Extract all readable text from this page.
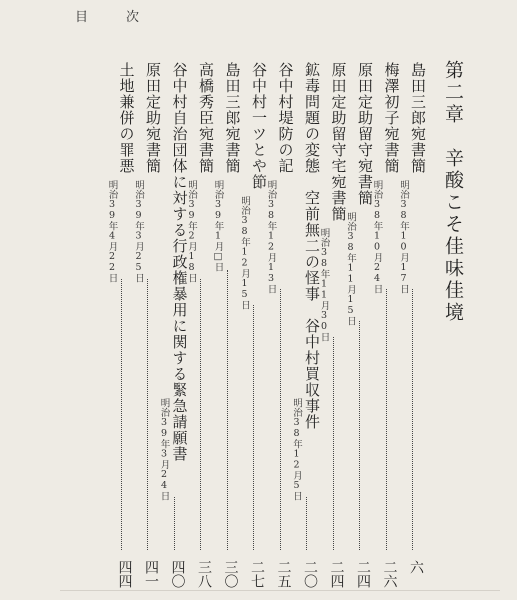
目次
第二章　辛酸こそ佳味佳境
島田三郎宛書簡
明治38年10月17日
六
梅澤初子宛書簡
明治38年10月24日
二六
原田定助留守宛書簡
明治38年11月15日
二四
原田定助留守宅宛書簡
明治38年11月30日
二四
鉱毒問題の変態　空前無二の怪事　谷中村買収事件
明治38年12月5日
二〇
谷中村堤防の記
明治38年12月13日
二五
谷中村一ツとや節
明治38年12月15日
二七
島田三郎宛書簡
明治39年1月□日
三〇
高橋秀臣宛書簡
明治39年2月18日
三八
谷中村自治団体に対する行政権暴用に関する緊急請願書
明治39年3月24日
四〇
原田定助宛書簡
明治39年3月25日
四一
土地兼併の罪悪
明治39年4月22日
四四
